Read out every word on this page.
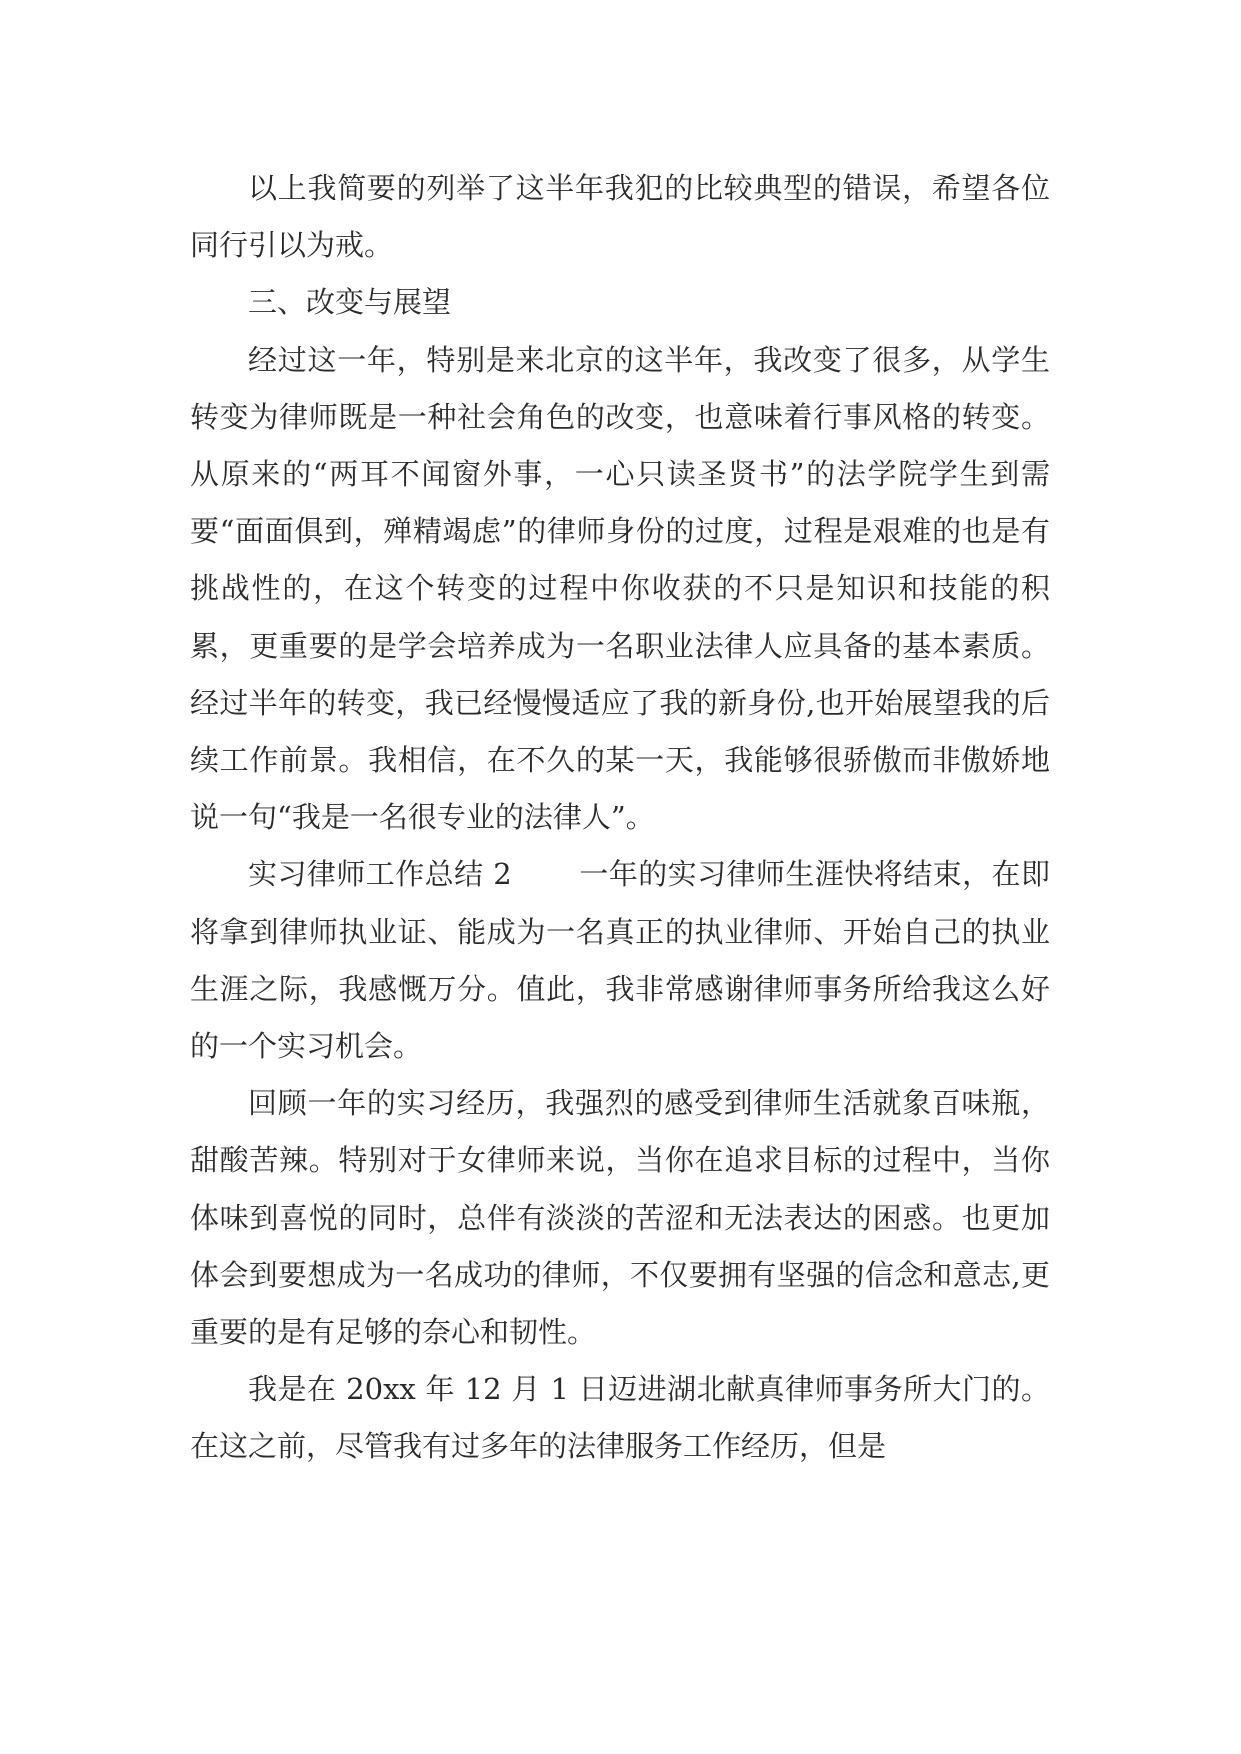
以上我简要的列举了这半年我犯的比较典型的错误，希望各位同行引以为戒。

三、改变与展望

经过这一年，特别是来北京的这半年，我改变了很多，从学生转变为律师既是一种社会角色的改变，也意味着行事风格的转变。从原来的“两耳不闻窗外事，一心只读圣贤书”的法学院学生到需要“面面俱到，殚精竭虑”的律师身份的过度，过程是艰难的也是有挑战性的，在这个转变的过程中你收获的不只是知识和技能的积累，更重要的是学会培养成为一名职业法律人应具备的基本素质。经过半年的转变，我已经慢慢适应了我的新身份,也开始展望我的后续工作前景。我相信，在不久的某一天，我能够很骄傲而非傲娇地说一句“我是一名很专业的法律人”。

实习律师工作总结 2 一年的实习律师生涯快将结束，在即将拿到律师执业证、能成为一名真正的执业律师、开始自己的执业生涯之际，我感慨万分。值此，我非常感谢律师事务所给我这么好的一个实习机会。

回顾一年的实习经历，我强烈的感受到律师生活就象百味瓶，甜酸苦辣。特别对于女律师来说，当你在追求目标的过程中，当你体味到喜悦的同时，总伴有淡淡的苦涩和无法表达的困惑。也更加体会到要想成为一名成功的律师，不仅要拥有坚强的信念和意志,更重要的是有足够的奈心和韧性。

我是在 20xx 年 12 月 1 日迈进湖北献真律师事务所大门的。在这之前，尽管我有过多年的法律服务工作经历，但是
